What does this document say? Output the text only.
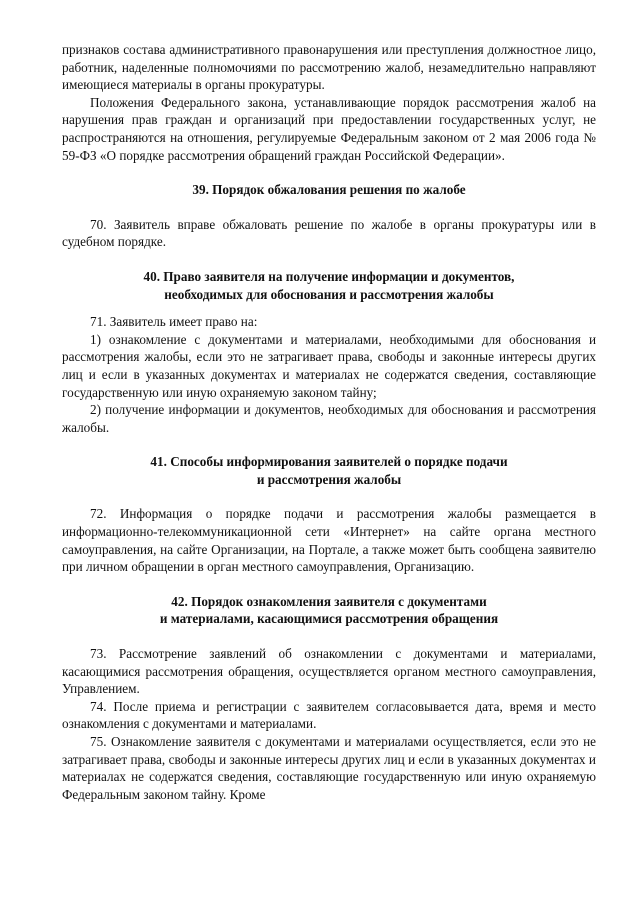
признаков состава административного правонарушения или преступления должностное лицо, работник, наделенные полномочиями по рассмотрению жалоб, незамедлительно направляют имеющиеся материалы в органы прокуратуры.

Положения Федерального закона, устанавливающие порядок рассмотрения жалоб на нарушения прав граждан и организаций при предоставлении государственных услуг, не распространяются на отношения, регулируемые Федеральным законом от 2 мая 2006 года № 59-ФЗ «О порядке рассмотрения обращений граждан Российской Федерации».

39. Порядок обжалования решения по жалобе

70. Заявитель вправе обжаловать решение по жалобе в органы прокуратуры или в судебном порядке.

40. Право заявителя на получение информации и документов,
необходимых для обоснования и рассмотрения жалобы

71. Заявитель имеет право на:

1) ознакомление с документами и материалами, необходимыми для обоснования и рассмотрения жалобы, если это не затрагивает права, свободы и законные интересы других лиц и если в указанных документах и материалах не содержатся сведения, составляющие государственную или иную охраняемую законом тайну;

2) получение информации и документов, необходимых для обоснования и рассмотрения жалобы.

41. Способы информирования заявителей о порядке подачи
и рассмотрения жалобы

72. Информация о порядке подачи и рассмотрения жалобы размещается в информационно-телекоммуникационной сети «Интернет» на сайте органа местного самоуправления, на сайте Организации, на Портале, а также может быть сообщена заявителю при личном обращении в орган местного самоуправления, Организацию.

42. Порядок ознакомления заявителя с документами
и материалами, касающимися рассмотрения обращения

73. Рассмотрение заявлений об ознакомлении с документами и материалами, касающимися рассмотрения обращения, осуществляется органом местного самоуправления, Управлением.

74. После приема и регистрации с заявителем согласовывается дата, время и место ознакомления с документами и материалами.

75. Ознакомление заявителя с документами и материалами осуществляется, если это не затрагивает права, свободы и законные интересы других лиц и если в указанных документах и материалах не содержатся сведения, составляющие государственную или иную охраняемую Федеральным законом тайну. Кроме
